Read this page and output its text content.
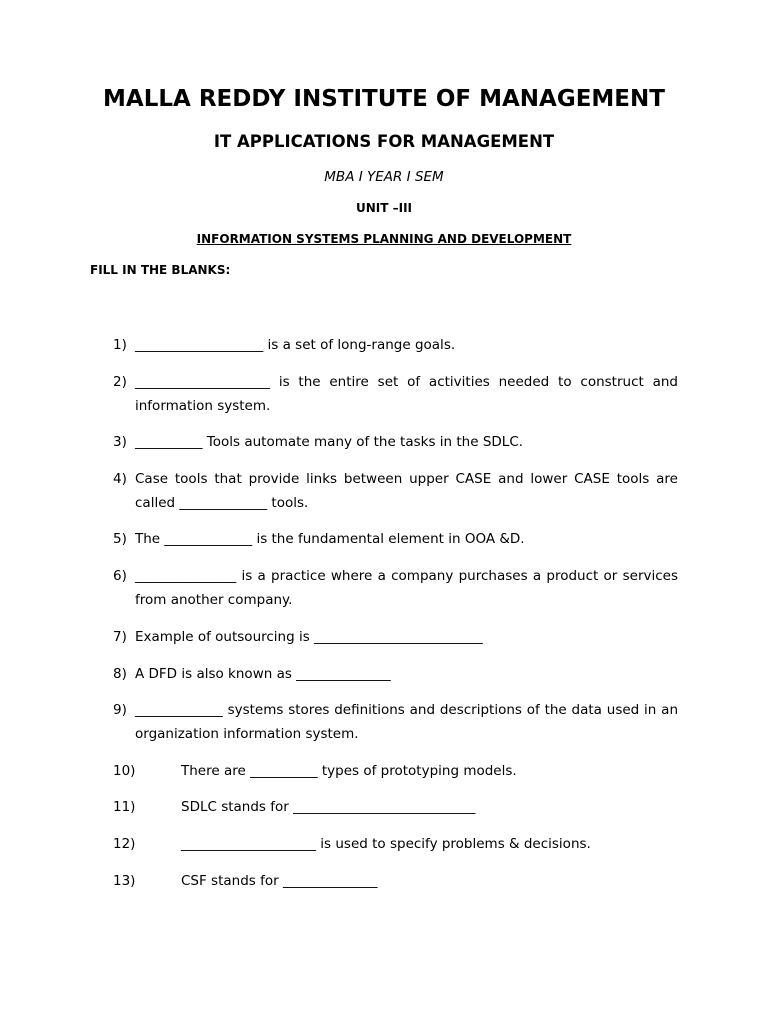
MALLA REDDY INSTITUTE OF MANAGEMENT
IT APPLICATIONS FOR MANAGEMENT
MBA I YEAR I SEM
UNIT –III
INFORMATION SYSTEMS PLANNING AND DEVELOPMENT
FILL IN THE BLANKS:
1) ___________________ is a set of long-range goals.
2) ____________________ is the entire set of activities needed to construct and information system.
3) __________ Tools automate many of the tasks in the SDLC.
4) Case tools that provide links between upper CASE and lower CASE tools are called _____________ tools.
5) The _____________ is the fundamental element in OOA &D.
6) _______________ is a practice where a company purchases a product or services from another company.
7) Example of outsourcing is _________________________
8) A DFD is also known as ______________
9) _____________ systems stores definitions and descriptions of the data used in an organization information system.
10)	There are __________ types of prototyping models.
11)	SDLC stands for ___________________________
12)	____________________ is used to specify problems & decisions.
13)	CSF stands for ______________
